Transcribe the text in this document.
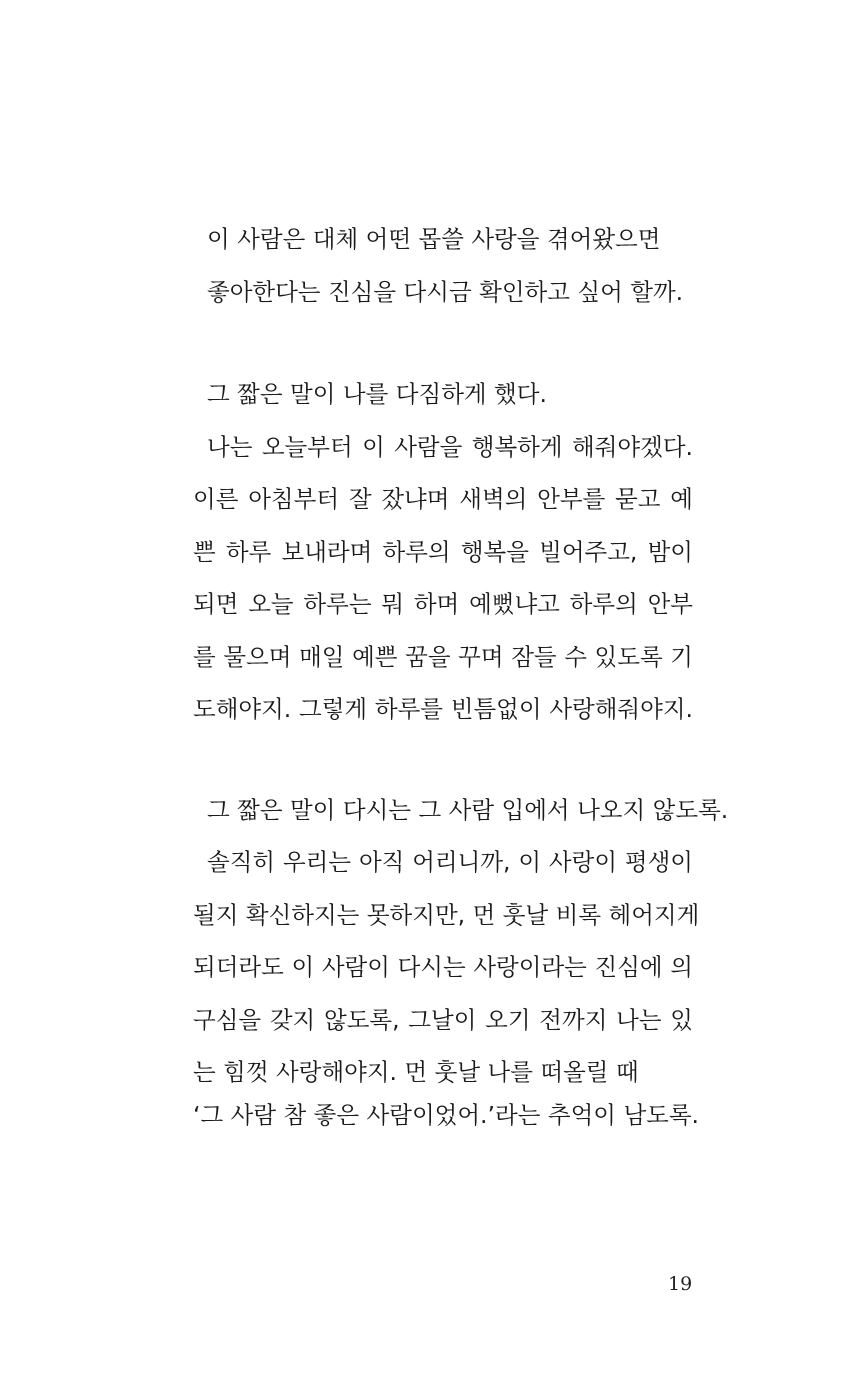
이 사람은 대체 어떤 몹쓸 사랑을 겪어왔으면
좋아한다는 진심을 다시금 확인하고 싶어 할까.
그 짧은 말이 나를 다짐하게 했다.
나는 오늘부터 이 사람을 행복하게 해줘야겠다.
이른 아침부터 잘 잤냐며 새벽의 안부를 묻고 예
쁜 하루 보내라며 하루의 행복을 빌어주고, 밤이
되면 오늘 하루는 뭐 하며 예뻤냐고 하루의 안부
를 물으며 매일 예쁜 꿈을 꾸며 잠들 수 있도록 기
도해야지. 그렇게 하루를 빈틈없이 사랑해줘야지.
그 짧은 말이 다시는 그 사람 입에서 나오지 않도록.
솔직히 우리는 아직 어리니까, 이 사랑이 평생이
될지 확신하지는 못하지만, 먼 훗날 비록 헤어지게
되더라도 이 사람이 다시는 사랑이라는 진심에 의
구심을 갖지 않도록, 그날이 오기 전까지 나는 있
는 힘껏 사랑해야지. 먼 훗날 나를 떠올릴 때
‘그 사람 참 좋은 사람이었어.’라는 추억이 남도록.
19
